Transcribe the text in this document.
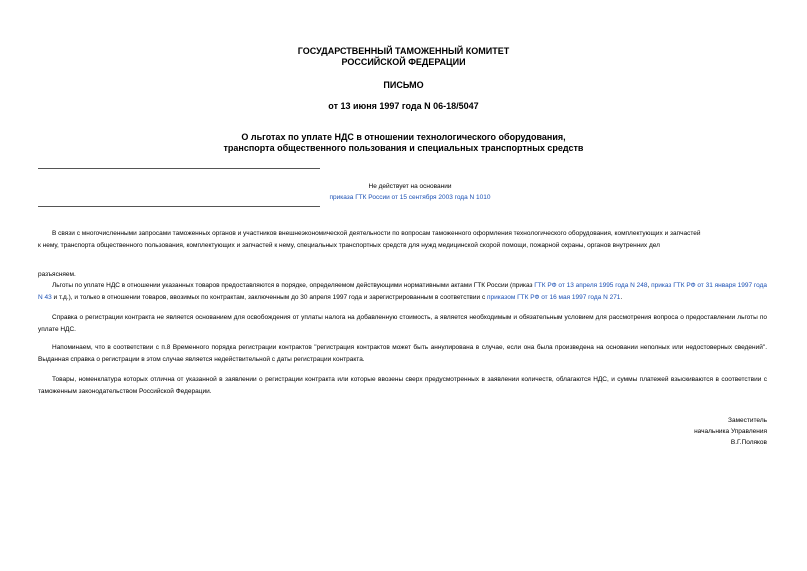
ГОСУДАРСТВЕННЫЙ ТАМОЖЕННЫЙ КОМИТЕТ
РОССИЙСКОЙ ФЕДЕРАЦИИ
ПИСЬМО
от 13 июня 1997 года N 06-18/5047
О льготах по уплате НДС в отношении технологического оборудования,
транспорта общественного пользования и специальных транспортных средств
Не действует на основании
приказа ГТК России от 15 сентября 2003 года N 1010
В связи с многочисленными запросами таможенных органов и участников внешнеэкономической деятельности по вопросам таможенного оформления технологического оборудования, комплектующих и запчастей
к нему, транспорта общественного пользования, комплектующих и запчастей к нему, специальных транспортных средств для нужд медицинской скорой помощи, пожарной охраны, органов внутренних дел
разъясняем.
Льготы по уплате НДС в отношении указанных товаров предоставляются в порядке, определяемом действующими нормативными актами ГТК России (приказ ГТК РФ от 13 апреля 1995 года N 248, приказ ГТК РФ от 31 января 1997 года N 43 и т.д.), и только в отношении товаров, ввозимых по контрактам, заключенным до 30 апреля 1997 года и зарегистрированным в соответствии с приказом ГТК РФ от 16 мая 1997 года N 271.
Справка о регистрации контракта не является основанием для освобождения от уплаты налога на добавленную стоимость, а является необходимым и обязательным условием для рассмотрения вопроса о предоставлении льготы по уплате НДС.
Напоминаем, что в соответствии с п.8 Временного порядка регистрации контрактов "регистрация контрактов может быть аннулирована в случае, если она была произведена на основании неполных или недостоверных сведений". Выданная справка о регистрации в этом случае является недействительной с даты регистрации контракта.
Товары, номенклатура которых отлична от указанной в заявлении о регистрации контракта или которые ввозены сверх предусмотренных в заявлении количеств, облагаются НДС, и суммы платежей взыскиваются в соответствии с таможенным законодательством Российской Федерации.
Заместитель
начальника Управления
В.Г.Поляков
